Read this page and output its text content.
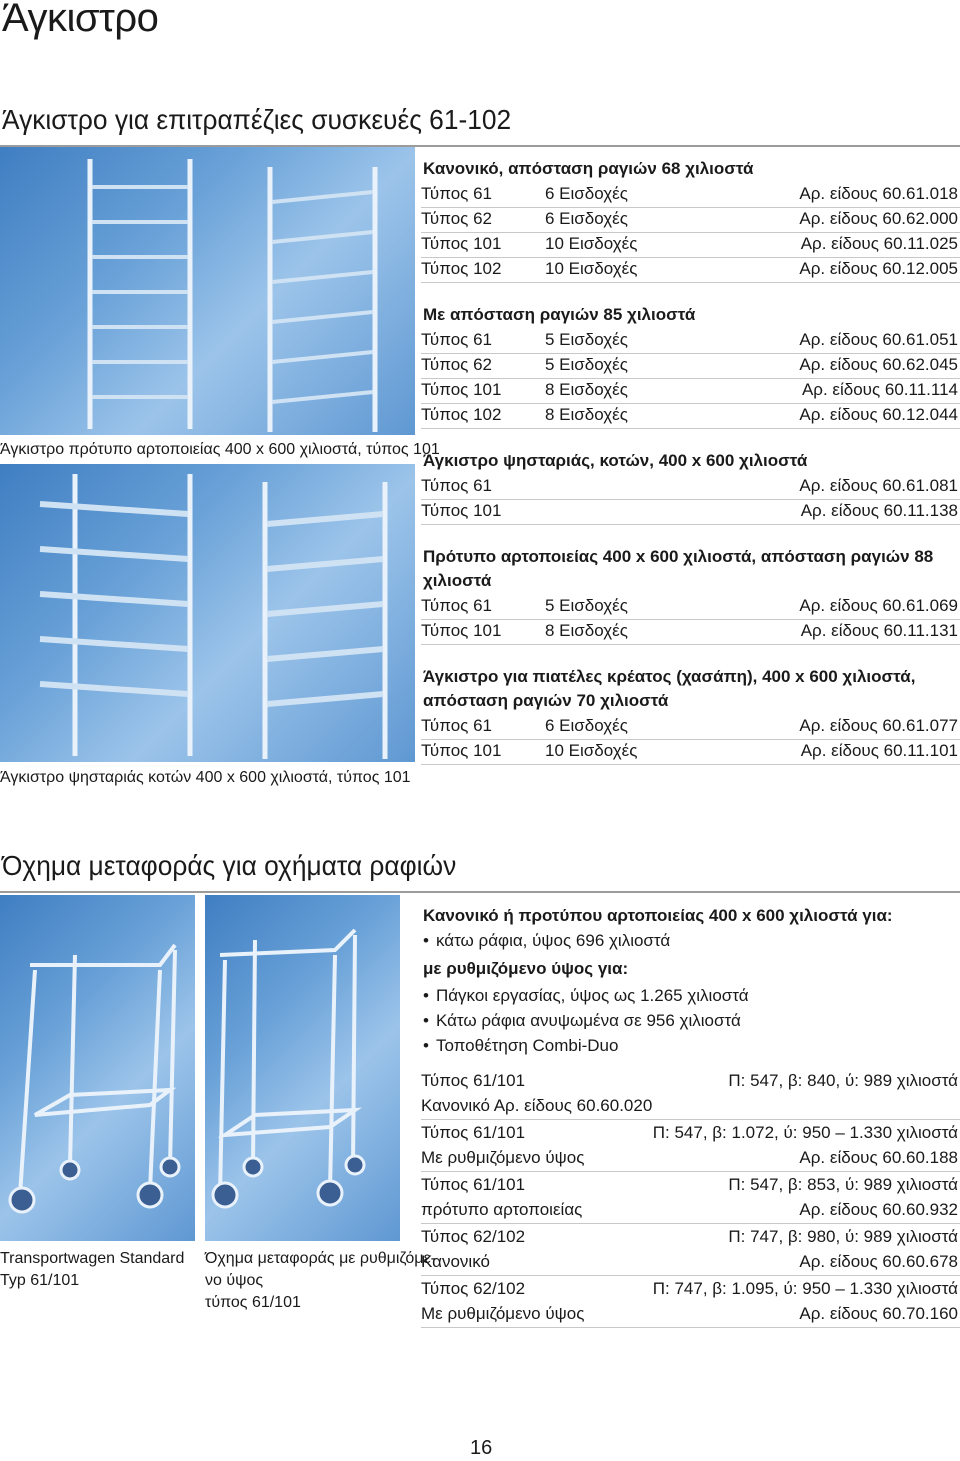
Άγκιστρο
Άγκιστρο για επιτραπέζιες συσκευές 61-102
Άγκιστρο πρότυπο αρτοποιείας 400 x 600 χιλιοστά, τύπος 101
Άγκιστρο ψησταριάς κοτών 400 x 600 χιλιοστά, τύπος 101
Κανονικό, απόσταση ραγιών 68 χιλιοστά
Τύπος 61	6 Εισδοχές	Αρ. είδους 60.61.018
Τύπος 62	6 Εισδοχές	Αρ. είδους 60.62.000
Τύπος 101	10 Εισδοχές	Αρ. είδους 60.11.025
Τύπος 102	10 Εισδοχές	Αρ. είδους 60.12.005
Με απόσταση ραγιών 85 χιλιοστά
Τύπος 61	5 Εισδοχές	Αρ. είδους 60.61.051
Τύπος 62	5 Εισδοχές	Αρ. είδους 60.62.045
Τύπος 101	8 Εισδοχές	Αρ. είδους 60.11.114
Τύπος 102	8 Εισδοχές	Αρ. είδους 60.12.044
Άγκιστρο ψησταριάς, κοτών, 400 x 600 χιλιοστά
Τύπος 61	Αρ. είδους 60.61.081
Τύπος 101	Αρ. είδους 60.11.138
Πρότυπο αρτοποιείας 400 x 600 χιλιοστά, απόσταση ραγιών 88 χιλιοστά
Τύπος 61	5 Εισδοχές	Αρ. είδους 60.61.069
Τύπος 101	8 Εισδοχές	Αρ. είδους 60.11.131
Άγκιστρο για πιατέλες κρέατος (χασάπη), 400 x 600 χιλιοστά, απόσταση ραγιών 70 χιλιοστά
Τύπος 61	6 Εισδοχές	Αρ. είδους 60.61.077
Τύπος 101	10 Εισδοχές	Αρ. είδους 60.11.101
Όχημα μεταφοράς για οχήματα ραφιών
Transportwagen Standard
Typ 61/101
Όχημα μεταφοράς με ρυθμιζόμε-
νο ύψος
τύπος 61/101
Κανονικό ή προτύπου αρτοποιείας 400 x 600 χιλιοστά για:
• κάτω ράφια, ύψος 696 χιλιοστά
με ρυθμιζόμενο ύψος για:
• Πάγκοι εργασίας, ύψος ως 1.265 χιλιοστά
• Κάτω ράφια ανυψωμένα σε 956 χιλιοστά
• Τοποθέτηση Combi-Duo
Τύπος 61/101	Π: 547, β: 840, ύ: 989 χιλιοστά
Κανονικό Αρ. είδους 60.60.020
Τύπος 61/101	Π: 547, β: 1.072, ύ: 950 – 1.330 χιλιοστά
Με ρυθμιζόμενο ύψος	Αρ. είδους 60.60.188
Τύπος 61/101	Π: 547, β: 853, ύ: 989 χιλιοστά
πρότυπο αρτοποιείας	Αρ. είδους 60.60.932
Τύπος 62/102	Π: 747, β: 980, ύ: 989 χιλιοστά
Κανονικό	Αρ. είδους 60.60.678
Τύπος 62/102	Π: 747, β: 1.095, ύ: 950 – 1.330 χιλιοστά
Με ρυθμιζόμενο ύψος	Αρ. είδους 60.70.160
16
